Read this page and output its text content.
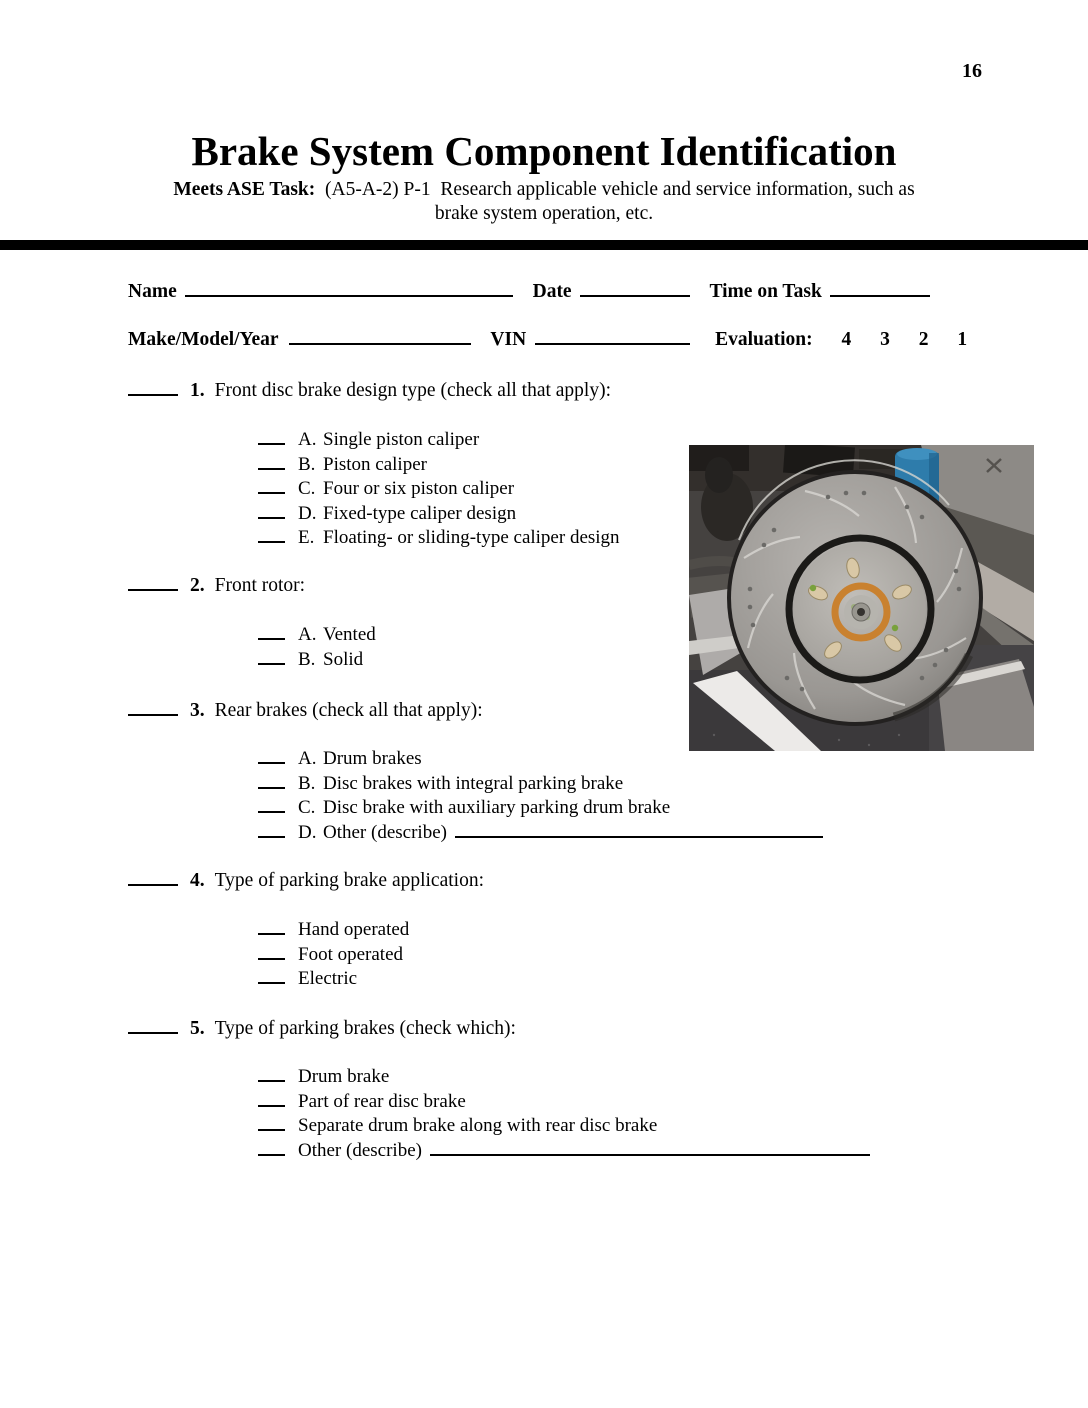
16
Brake System Component Identification
Meets ASE Task: (A5-A-2) P-1  Research applicable vehicle and service information, such as
brake system operation, etc.
Name	Date	Time on Task
Make/Model/Year	VIN	Evaluation: 4 3 2 1
1. Front disc brake design type (check all that apply):
A. Single piston caliper
B. Piston caliper
C. Four or six piston caliper
D. Fixed-type caliper design
E. Floating- or sliding-type caliper design
2. Front rotor:
A. Vented
B. Solid
3. Rear brakes (check all that apply):
A. Drum brakes
B. Disc brakes with integral parking brake
C. Disc brake with auxiliary parking drum brake
D. Other (describe)
4. Type of parking brake application:
Hand operated
Foot operated
Electric
5. Type of parking brakes (check which):
Drum brake
Part of rear disc brake
Separate drum brake along with rear disc brake
Other (describe)
